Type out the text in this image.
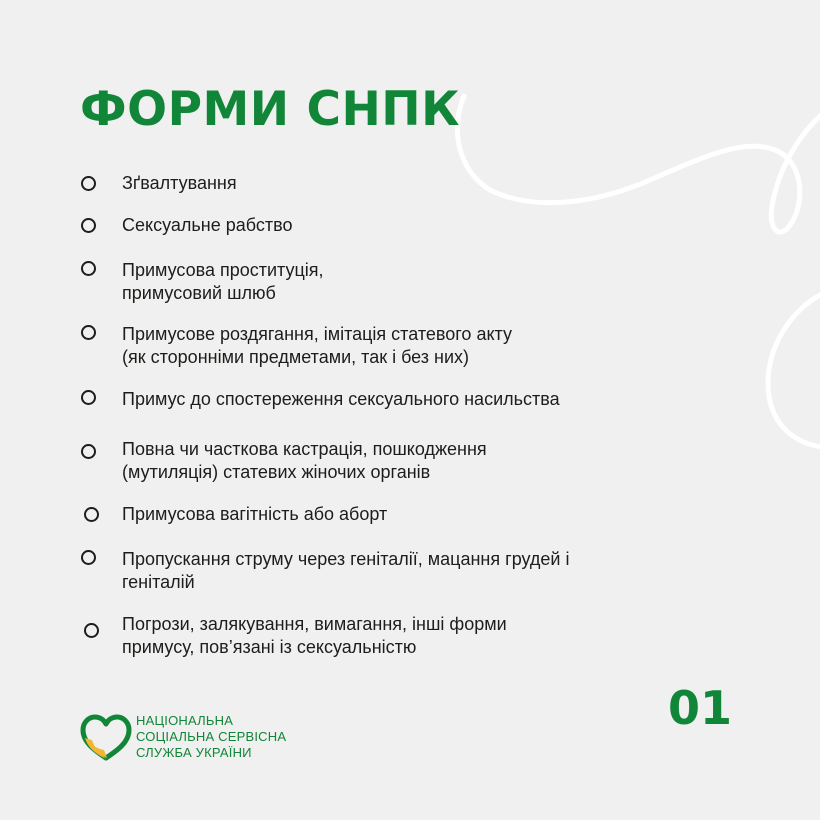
ФОРМИ СНПК
Зґвалтування
Сексуальне рабство
Примусова проституція,
примусовий шлюб
Примусове роздягання, імітація статевого акту
(як сторонніми предметами, так і без них)
Примус до спостереження сексуального насильства
Повна чи часткова кастрація, пошкодження
(мутиляція) статевих жіночих органів
Примусова вагітність або аборт
Пропускання струму через геніталії, мацання грудей і
геніталій
Погрози, залякування, вимагання, інші форми
примусу, пов’язані із сексуальністю
01
НАЦІОНАЛЬНА
СОЦІАЛЬНА СЕРВІСНА
СЛУЖБА УКРАЇНИ
